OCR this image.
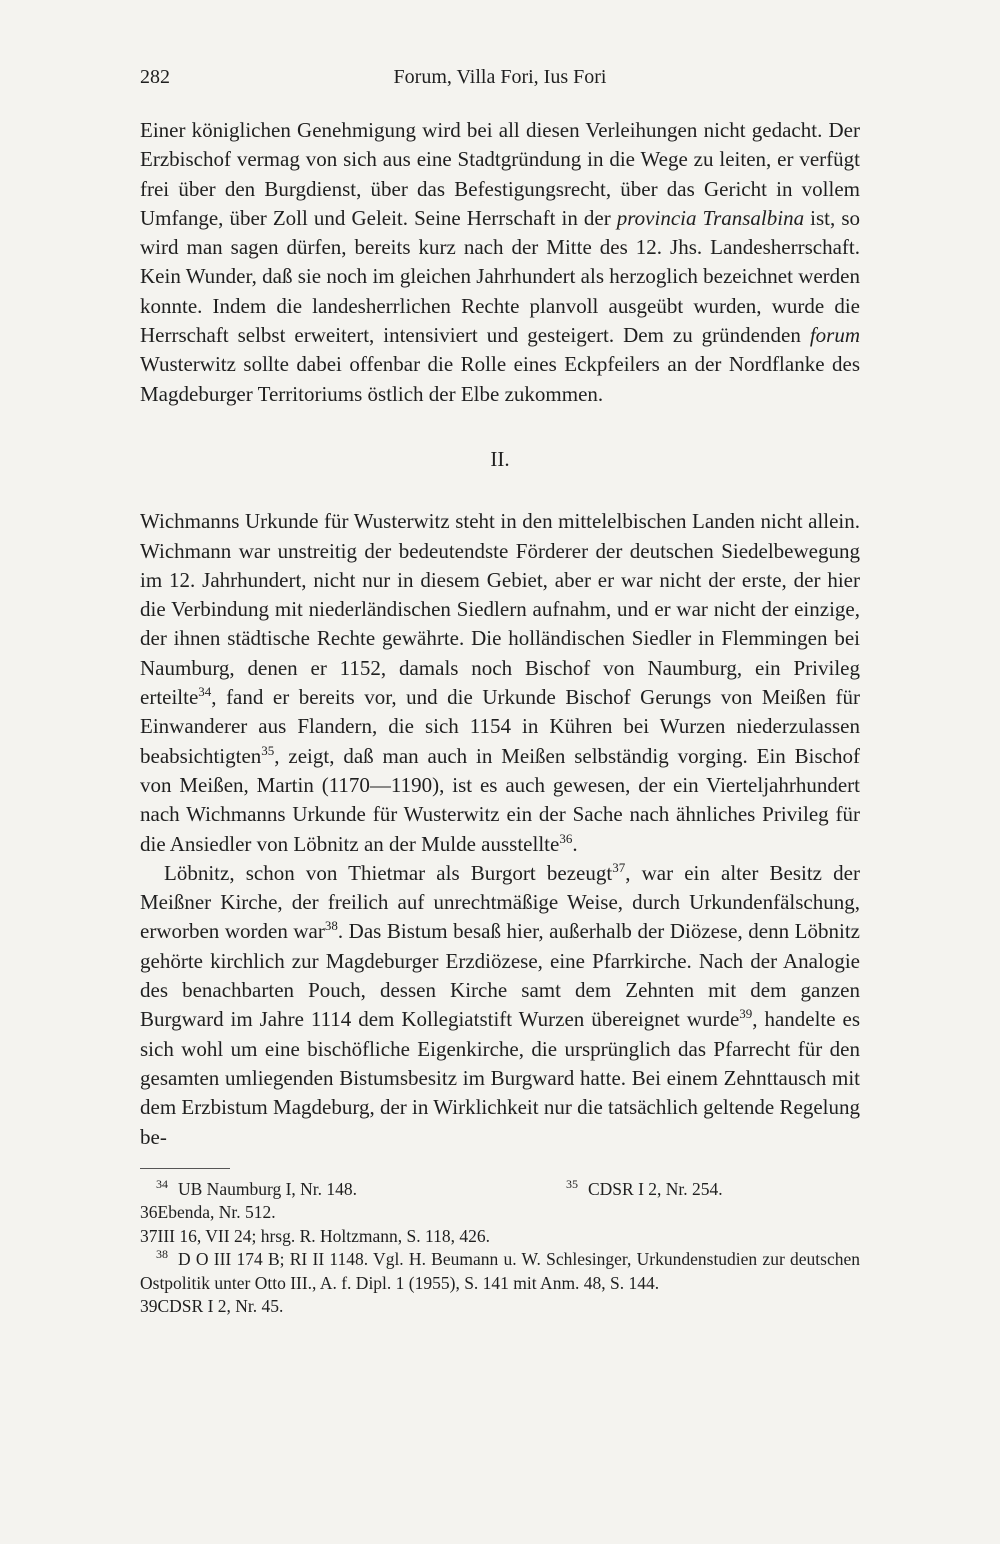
282	Forum, Villa Fori, Ius Fori

Einer königlichen Genehmigung wird bei all diesen Verleihungen nicht gedacht. Der Erzbischof vermag von sich aus eine Stadtgründung in die Wege zu leiten, er verfügt frei über den Burgdienst, über das Befestigungsrecht, über das Gericht in vollem Umfange, über Zoll und Geleit. Seine Herrschaft in der provincia Transalbina ist, so wird man sagen dürfen, bereits kurz nach der Mitte des 12. Jhs. Landesherrschaft. Kein Wunder, daß sie noch im gleichen Jahrhundert als herzoglich bezeichnet werden konnte. Indem die landesherrlichen Rechte planvoll ausgeübt wurden, wurde die Herrschaft selbst erweitert, intensiviert und gesteigert. Dem zu gründenden forum Wusterwitz sollte dabei offenbar die Rolle eines Eckpfeilers an der Nordflanke des Magdeburger Territoriums östlich der Elbe zukommen.

II.

Wichmanns Urkunde für Wusterwitz steht in den mittelelbischen Landen nicht allein. Wichmann war unstreitig der bedeutendste Förderer der deutschen Siedelbewegung im 12. Jahrhundert, nicht nur in diesem Gebiet, aber er war nicht der erste, der hier die Verbindung mit niederländischen Siedlern aufnahm, und er war nicht der einzige, der ihnen städtische Rechte gewährte. Die holländischen Siedler in Flemmingen bei Naumburg, denen er 1152, damals noch Bischof von Naumburg, ein Privileg erteilte$^{34}$, fand er bereits vor, und die Urkunde Bischof Gerungs von Meißen für Einwanderer aus Flandern, die sich 1154 in Kühren bei Wurzen niederzulassen beabsichtigten$^{35}$, zeigt, daß man auch in Meißen selbständig vorging. Ein Bischof von Meißen, Martin (1170—1190), ist es auch gewesen, der ein Vierteljahrhundert nach Wichmanns Urkunde für Wusterwitz ein der Sache nach ähnliches Privileg für die Ansiedler von Löbnitz an der Mulde ausstellte$^{36}$.

Löbnitz, schon von Thietmar als Burgort bezeugt$^{37}$, war ein alter Besitz der Meißner Kirche, der freilich auf unrechtmäßige Weise, durch Urkundenfälschung, erworben worden war$^{38}$. Das Bistum besaß hier, außerhalb der Diözese, denn Löbnitz gehörte kirchlich zur Magdeburger Erzdiözese, eine Pfarrkirche. Nach der Analogie des benachbarten Pouch, dessen Kirche samt dem Zehnten mit dem ganzen Burgward im Jahre 1114 dem Kollegiatstift Wurzen übereignet wurde$^{39}$, handelte es sich wohl um eine bischöfliche Eigenkirche, die ursprünglich das Pfarrecht für den gesamten umliegenden Bistumsbesitz im Burgward hatte. Bei einem Zehnttausch mit dem Erzbistum Magdeburg, der in Wirklichkeit nur die tatsächlich geltende Regelung be-

34 UB Naumburg I, Nr. 148.	35 CDSR I 2, Nr. 254.
36Ebenda, Nr. 512.
37III 16, VII 24; hrsg. R. Holtzmann, S. 118, 426.
38 D O III 174 B; RI II 1148. Vgl. H. Beumann u. W. Schlesinger, Urkundenstudien zur deutschen Ostpolitik unter Otto III., A. f. Dipl. 1 (1955), S. 141 mit Anm. 48, S. 144.
39CDSR I 2, Nr. 45.
